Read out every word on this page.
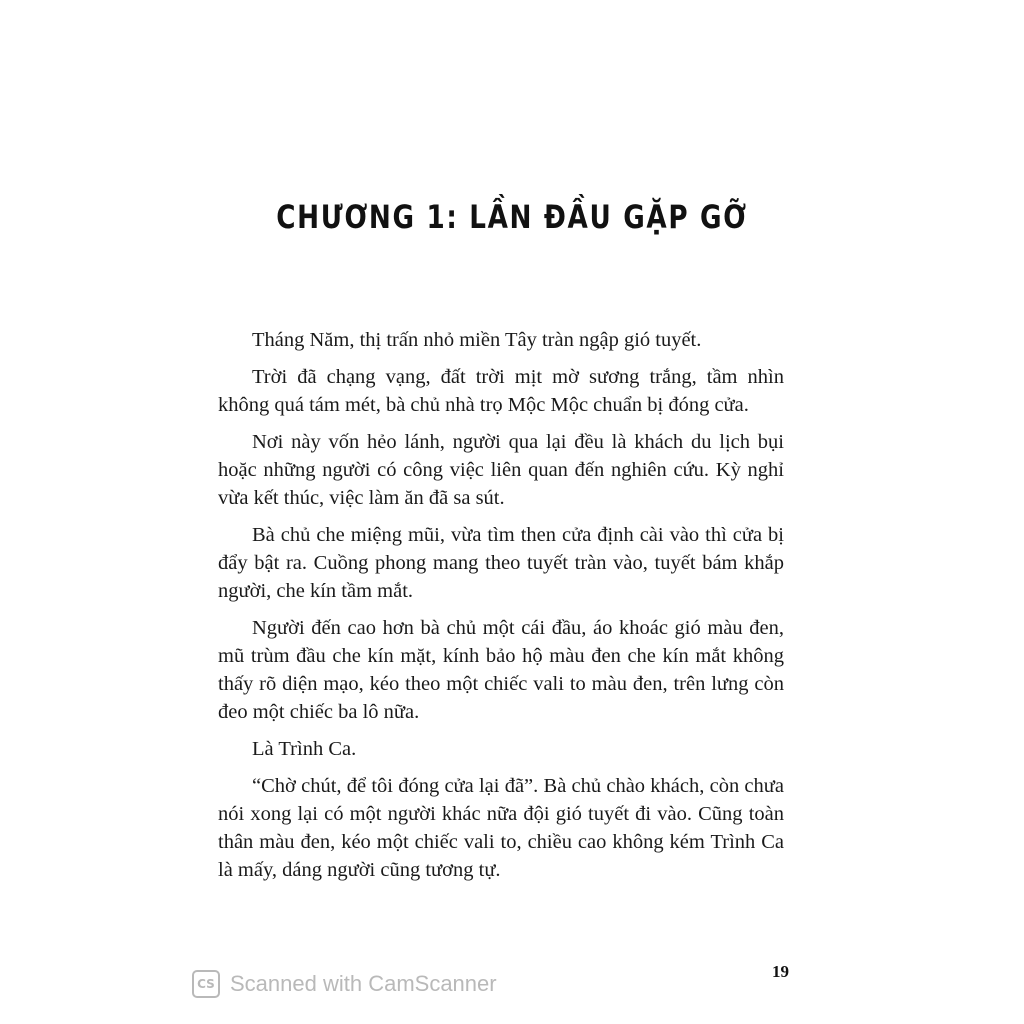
CHƯƠNG 1: LẦN ĐẦU GẶP GỠ

Tháng Năm, thị trấn nhỏ miền Tây tràn ngập gió tuyết.

Trời đã chạng vạng, đất trời mịt mờ sương trắng, tầm nhìn không quá tám mét, bà chủ nhà trọ Mộc Mộc chuẩn bị đóng cửa.

Nơi này vốn hẻo lánh, người qua lại đều là khách du lịch bụi hoặc những người có công việc liên quan đến nghiên cứu. Kỳ nghỉ vừa kết thúc, việc làm ăn đã sa sút.

Bà chủ che miệng mũi, vừa tìm then cửa định cài vào thì cửa bị đẩy bật ra. Cuồng phong mang theo tuyết tràn vào, tuyết bám khắp người, che kín tầm mắt.

Người đến cao hơn bà chủ một cái đầu, áo khoác gió màu đen, mũ trùm đầu che kín mặt, kính bảo hộ màu đen che kín mắt không thấy rõ diện mạo, kéo theo một chiếc vali to màu đen, trên lưng còn đeo một chiếc ba lô nữa.

Là Trình Ca.

“Chờ chút, để tôi đóng cửa lại đã”. Bà chủ chào khách, còn chưa nói xong lại có một người khác nữa đội gió tuyết đi vào. Cũng toàn thân màu đen, kéo một chiếc vali to, chiều cao không kém Trình Ca là mấy, dáng người cũng tương tự.

CS Scanned with CamScanner	19
